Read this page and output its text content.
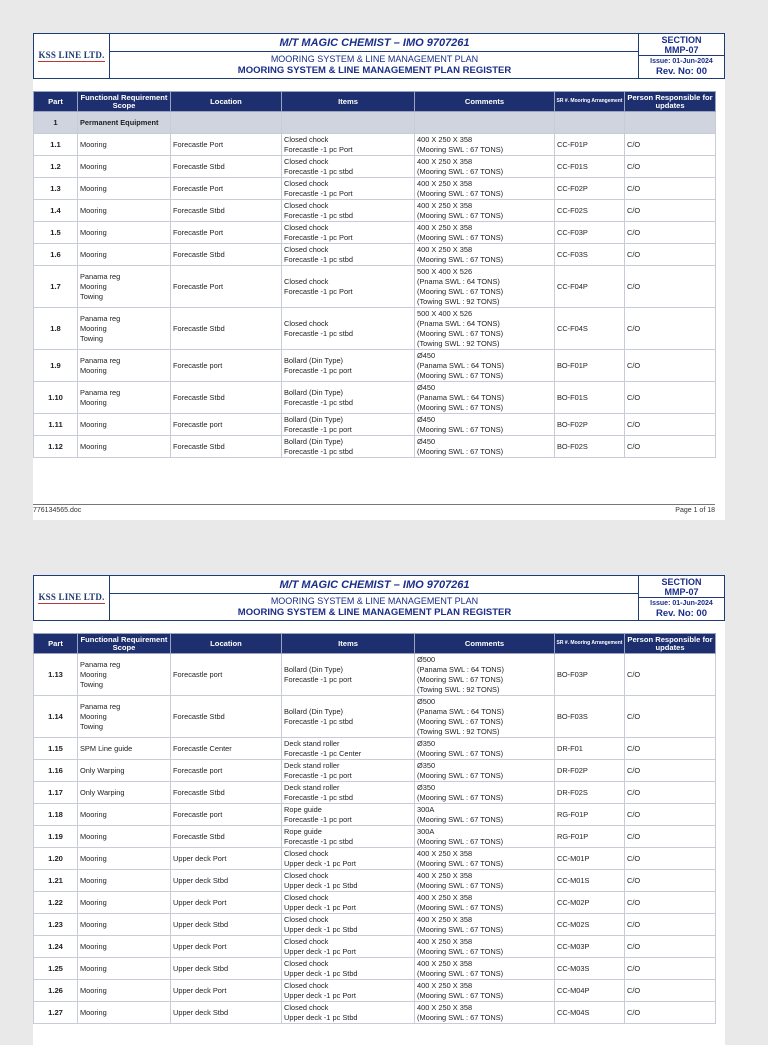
KSS LINE LTD.
M/T MAGIC CHEMIST – IMO 9707261
MOORING SYSTEM & LINE MANAGEMENT PLAN
MOORING SYSTEM & LINE MANAGEMENT PLAN REGISTER
SECTION
MMP-07
Issue: 01-Jun-2024
Rev. No: 00
Part	Functional Requirement Scope	Location	Items	Comments	SR #. Mooring Arrangement	Person Responsible for updates
1	Permanent Equipment					
1.1	Mooring	Forecastle Port	Closed chock
Forecastle -1 pc Port	400 X 250 X 358
(Mooring SWL : 67 TONS)	CC-F01P	C/O
1.2	Mooring	Forecastle Stbd	Closed chock
Forecastle -1 pc stbd	400 X 250 X 358
(Mooring SWL : 67 TONS)	CC-F01S	C/O
1.3	Mooring	Forecastle Port	Closed chock
Forecastle -1 pc Port	400 X 250 X 358
(Mooring SWL : 67 TONS)	CC-F02P	C/O
1.4	Mooring	Forecastle Stbd	Closed chock
Forecastle -1 pc stbd	400 X 250 X 358
(Mooring SWL : 67 TONS)	CC-F02S	C/O
1.5	Mooring	Forecastle Port	Closed chock
Forecastle -1 pc Port	400 X 250 X 358
(Mooring SWL : 67 TONS)	CC-F03P	C/O
1.6	Mooring	Forecastle Stbd	Closed chock
Forecastle -1 pc stbd	400 X 250 X 358
(Mooring SWL : 67 TONS)	CC-F03S	C/O
1.7	Panama reg
Mooring
Towing	Forecastle Port	Closed chock
Forecastle -1 pc Port	500 X 400 X 526
(Pnama SWL : 64 TONS)
(Mooring SWL : 67 TONS)
(Towing SWL : 92 TONS)	CC-F04P	C/O
1.8	Panama reg
Mooring
Towing	Forecastle Stbd	Closed chock
Forecastle -1 pc stbd	500 X 400 X 526
(Pnama SWL : 64 TONS)
(Mooring SWL : 67 TONS)
(Towing SWL : 92 TONS)	CC-F04S	C/O
1.9	Panama reg
Mooring	Forecastle port	Bollard (Din Type)
Forecastle -1 pc port	Ø450
(Panama SWL : 64 TONS)
(Mooring SWL : 67 TONS)	BO-F01P	C/O
1.10	Panama reg
Mooring	Forecastle Stbd	Bollard (Din Type)
Forecastle -1 pc stbd	Ø450
(Panama SWL : 64 TONS)
(Mooring SWL : 67 TONS)	BO-F01S	C/O
1.11	Mooring	Forecastle port	Bollard (Din Type)
Forecastle -1 pc port	Ø450
(Mooring SWL : 67 TONS)	BO-F02P	C/O
1.12	Mooring	Forecastle Stbd	Bollard (Din Type)
Forecastle -1 pc stbd	Ø450
(Mooring SWL : 67 TONS)	BO-F02S	C/O
776134565.doc	Page 1 of 18
KSS LINE LTD.
M/T MAGIC CHEMIST – IMO 9707261
MOORING SYSTEM & LINE MANAGEMENT PLAN
MOORING SYSTEM & LINE MANAGEMENT PLAN REGISTER
SECTION
MMP-07
Issue: 01-Jun-2024
Rev. No: 00
Part	Functional Requirement Scope	Location	Items	Comments	SR #. Mooring Arrangement	Person Responsible for updates
1.13	Panama reg
Mooring
Towing	Forecastle port	Bollard (Din Type)
Forecastle -1 pc port	Ø500
(Panama SWL : 64 TONS)
(Mooring SWL : 67 TONS)
(Towing SWL : 92 TONS)	BO-F03P	C/O
1.14	Panama reg
Mooring
Towing	Forecastle Stbd	Bollard (Din Type)
Forecastle -1 pc stbd	Ø500
(Panama SWL : 64 TONS)
(Mooring SWL : 67 TONS)
(Towing SWL : 92 TONS)	BO-F03S	C/O
1.15	SPM Line guide	Forecastle Center	Deck stand roller
Forecastle -1 pc Center	Ø350
(Mooring SWL : 67 TONS)	DR-F01	C/O
1.16	Only Warping	Forecastle port	Deck stand roller
Forecastle -1 pc port	Ø350
(Mooring SWL : 67 TONS)	DR-F02P	C/O
1.17	Only Warping	Forecastle Stbd	Deck stand roller
Forecastle -1 pc stbd	Ø350
(Mooring SWL : 67 TONS)	DR-F02S	C/O
1.18	Mooring	Forecastle port	Rope guide
Forecastle -1 pc port	300A
(Mooring SWL : 67 TONS)	RG-F01P	C/O
1.19	Mooring	Forecastle Stbd	Rope guide
Forecastle -1 pc stbd	300A
(Mooring SWL : 67 TONS)	RG-F01P	C/O
1.20	Mooring	Upper deck Port	Closed chock
Upper deck -1 pc Port	400 X 250 X 358
(Mooring SWL : 67 TONS)	CC-M01P	C/O
1.21	Mooring	Upper deck Stbd	Closed chock
Upper deck -1 pc Stbd	400 X 250 X 358
(Mooring SWL : 67 TONS)	CC-M01S	C/O
1.22	Mooring	Upper deck Port	Closed chock
Upper deck -1 pc Port	400 X 250 X 358
(Mooring SWL : 67 TONS)	CC-M02P	C/O
1.23	Mooring	Upper deck Stbd	Closed chock
Upper deck -1 pc Stbd	400 X 250 X 358
(Mooring SWL : 67 TONS)	CC-M02S	C/O
1.24	Mooring	Upper deck Port	Closed chock
Upper deck -1 pc Port	400 X 250 X 358
(Mooring SWL : 67 TONS)	CC-M03P	C/O
1.25	Mooring	Upper deck Stbd	Closed chock
Upper deck -1 pc Stbd	400 X 250 X 358
(Mooring SWL : 67 TONS)	CC-M03S	C/O
1.26	Mooring	Upper deck Port	Closed chock
Upper deck -1 pc Port	400 X 250 X 358
(Mooring SWL : 67 TONS)	CC-M04P	C/O
1.27	Mooring	Upper deck Stbd	Closed chock
Upper deck -1 pc Stbd	400 X 250 X 358
(Mooring SWL : 67 TONS)	CC-M04S	C/O
